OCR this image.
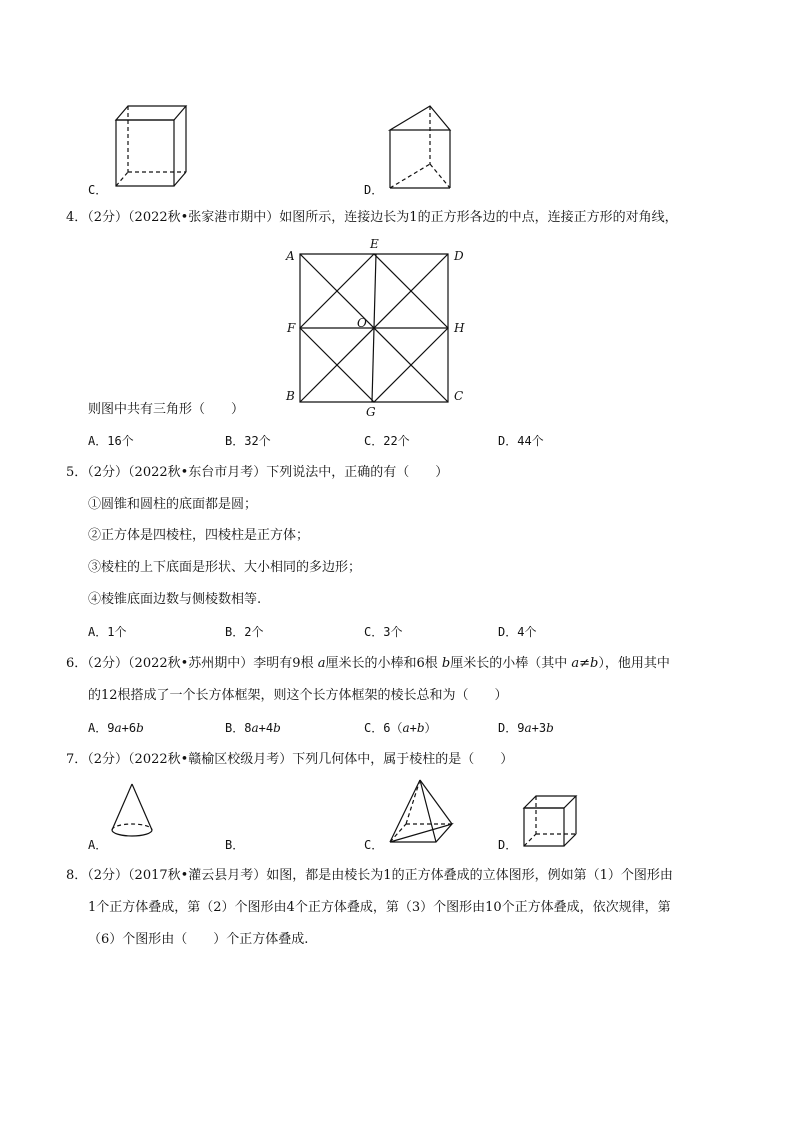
C．	D．
4．（2分）（2022秋•张家港市期中）如图所示，连接边长为1的正方形各边的中点，连接正方形的对角线，
A
E
D
F	O	H
B
G
C
则图中共有三角形（　　）
A．16个	B．32个	C．22个	D．44个
5．（2分）（2022秋•东台市月考）下列说法中，正确的有（　　）
①圆锥和圆柱的底面都是圆；
②正方体是四棱柱，四棱柱是正方体；
③棱柱的上下底面是形状、大小相同的多边形；
④棱锥底面边数与侧棱数相等.
A．1个	B．2个	C．3个	D．4个
6．（2分）（2022秋•苏州期中）李明有9根 a厘米长的小棒和6根 b厘米长的小棒（其中 a≠b），他用其中
的12根搭成了一个长方体框架，则这个长方体框架的棱长总和为（　　）
A．9a+6b	B．8a+4b	C．6（a+b）	D．9a+3b
7．（2分）（2022秋•赣榆区校级月考）下列几何体中，属于棱柱的是（　　）
A．	B．	C．	D．
8．（2分）（2017秋•灌云县月考）如图，都是由棱长为1的正方体叠成的立体图形，例如第（1）个图形由
1个正方体叠成，第（2）个图形由4个正方体叠成，第（3）个图形由10个正方体叠成，依次规律，第
（6）个图形由（　　）个正方体叠成.
